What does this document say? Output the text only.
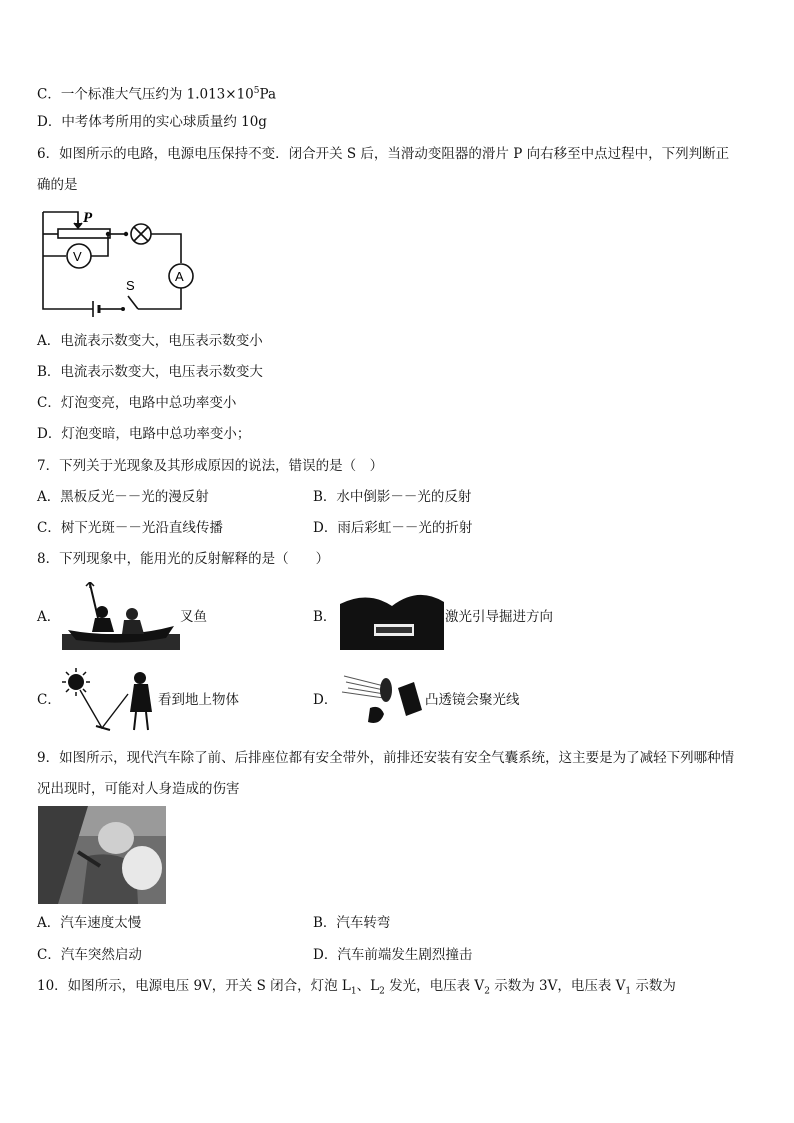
C．一个标准大气压约为 $1.013\times 10^5Pa$
D．中考体考所用的实心球质量约 10g
6．如图所示的电路，电源电压保持不变．闭合开关 S 后，当滑动变阻器的滑片 P 向右移至中点过程中，下列判断正
确的是
P
V
A
S
A．电流表示数变大，电压表示数变小
B．电流表示数变大，电压表示数变大
C．灯泡变亮，电路中总功率变小
D．灯泡变暗，电路中总功率变小；
7．下列关于光现象及其形成原因的说法，错误的是（　）
A．黑板反光－－光的漫反射	B．水中倒影－－光的反射
C．树下光斑－－光沿直线传播	D．雨后彩虹－－光的折射
8．下列现象中，能用光的反射解释的是（　　）
A．	叉鱼	B．	激光引导掘进方向
C．	看到地上物体	D．	凸透镜会聚光线
9．如图所示，现代汽车除了前、后排座位都有安全带外，前排还安装有安全气囊系统，这主要是为了减轻下列哪种情
况出现时，可能对人身造成的伤害
A．汽车速度太慢	B．汽车转弯
C．汽车突然启动	D．汽车前端发生剧烈撞击
10．如图所示，电源电压 9V，开关 S 闭合，灯泡 $L_1$、$L_2$ 发光，电压表 $V_2$ 示数为 3V，电压表 $V_1$ 示数为
